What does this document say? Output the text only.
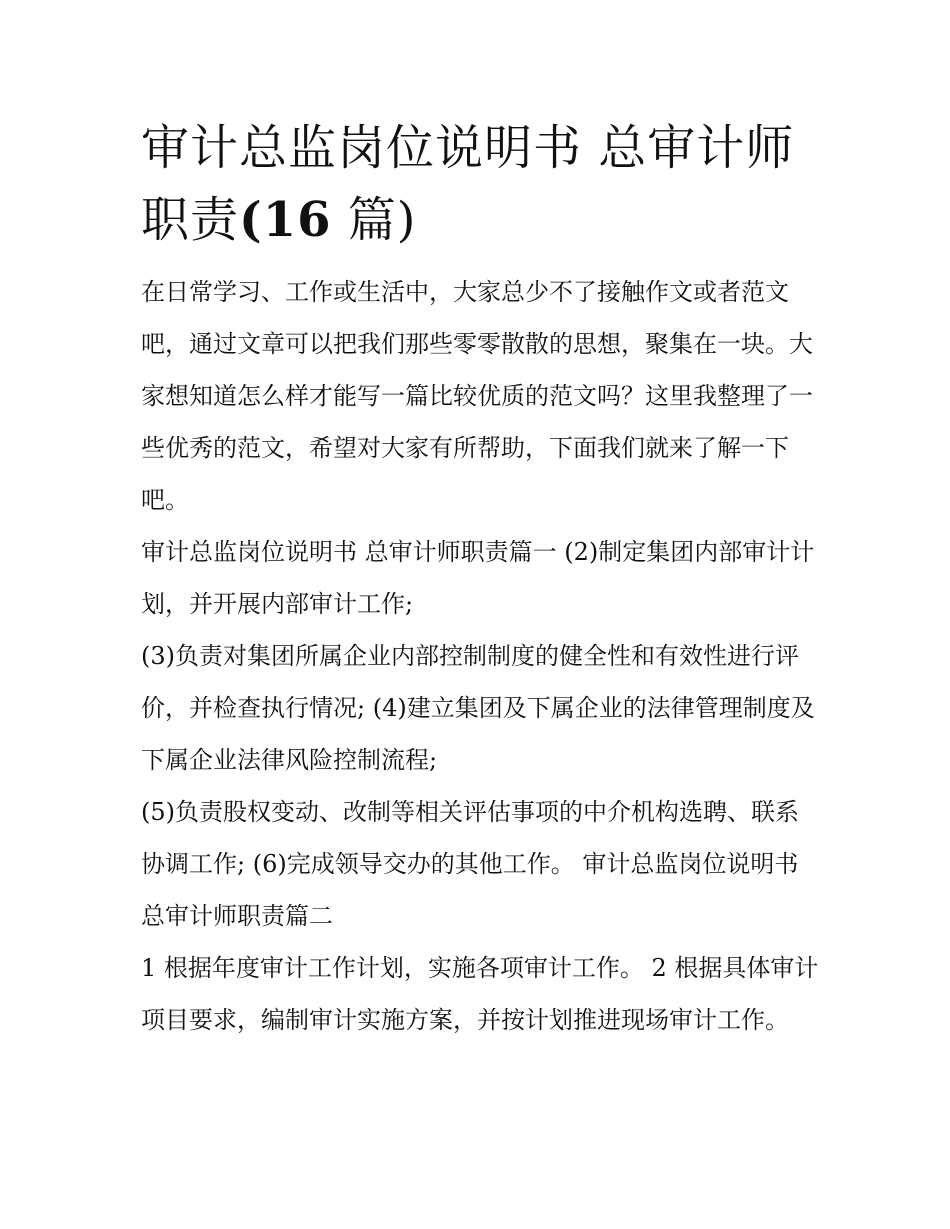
审计总监岗位说明书 总审计师
职责(16 篇)

在日常学习、工作或生活中，大家总少不了接触作文或者范文吧，通过文章可以把我们那些零零散散的思想，聚集在一块。大家想知道怎么样才能写一篇比较优质的范文吗？这里我整理了一些优秀的范文，希望对大家有所帮助，下面我们就来了解一下吧。

审计总监岗位说明书 总审计师职责篇一 (2)制定集团内部审计计划，并开展内部审计工作;

(3)负责对集团所属企业内部控制制度的健全性和有效性进行评价，并检查执行情况; (4)建立集团及下属企业的法律管理制度及下属企业法律风险控制流程;

(5)负责股权变动、改制等相关评估事项的中介机构选聘、联系协调工作; (6)完成领导交办的其他工作。 审计总监岗位说明书 总审计师职责篇二

1 根据年度审计工作计划，实施各项审计工作。 2 根据具体审计项目要求，编制审计实施方案，并按计划推进现场审计工作。
